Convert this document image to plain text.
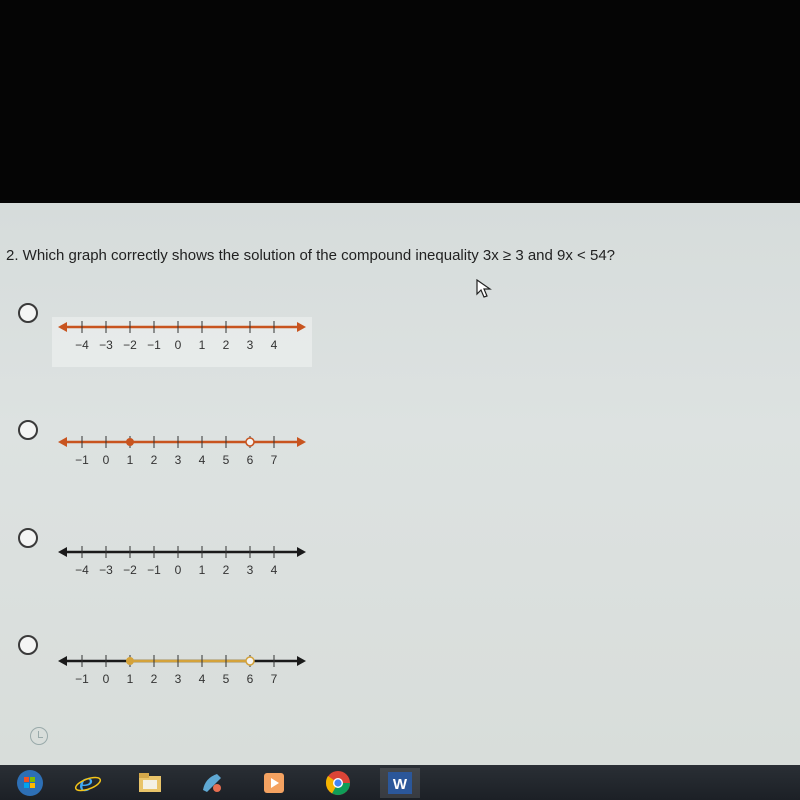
2. Which graph correctly shows the solution of the compound inequality 3x ≥ 3 and 9x < 54?
−4 −3 −2 −1 0 1 2 3 4
−1 0 1 2 3 4 5 6 7
−4 −3 −2 −1 0 1 2 3 4
−1 0 1 2 3 4 5 6 7
e	W
